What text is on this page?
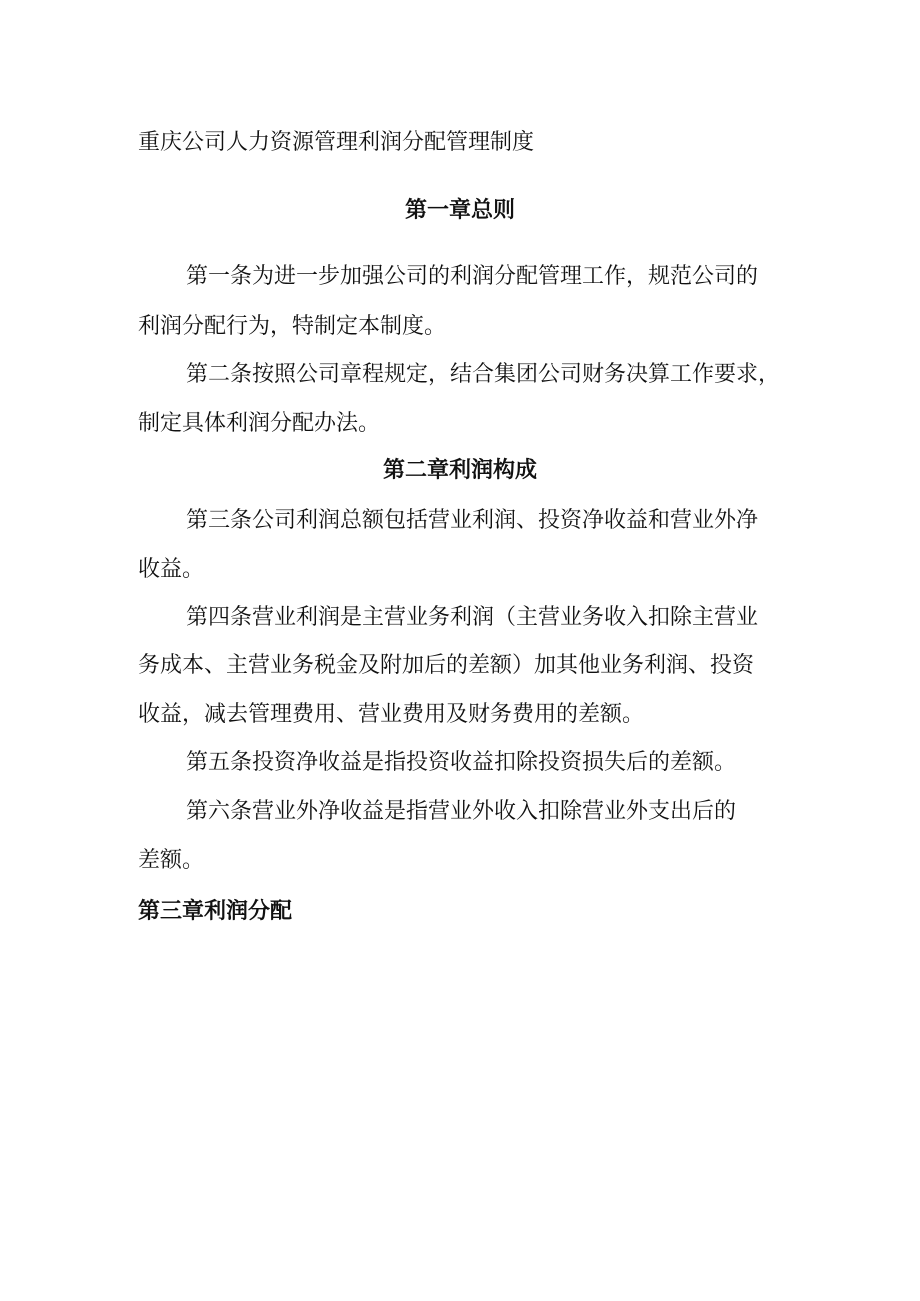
重庆公司人力资源管理利润分配管理制度
第一章总则
第一条为进一步加强公司的利润分配管理工作，规范公司的
利润分配行为，特制定本制度。
第二条按照公司章程规定，结合集团公司财务决算工作要求，
制定具体利润分配办法。
第二章利润构成
第三条公司利润总额包括营业利润、投资净收益和营业外净
收益。
第四条营业利润是主营业务利润（主营业务收入扣除主营业
务成本、主营业务税金及附加后的差额）加其他业务利润、投资
收益，减去管理费用、营业费用及财务费用的差额。
第五条投资净收益是指投资收益扣除投资损失后的差额。
第六条营业外净收益是指营业外收入扣除营业外支出后的
差额。
第三章利润分配
